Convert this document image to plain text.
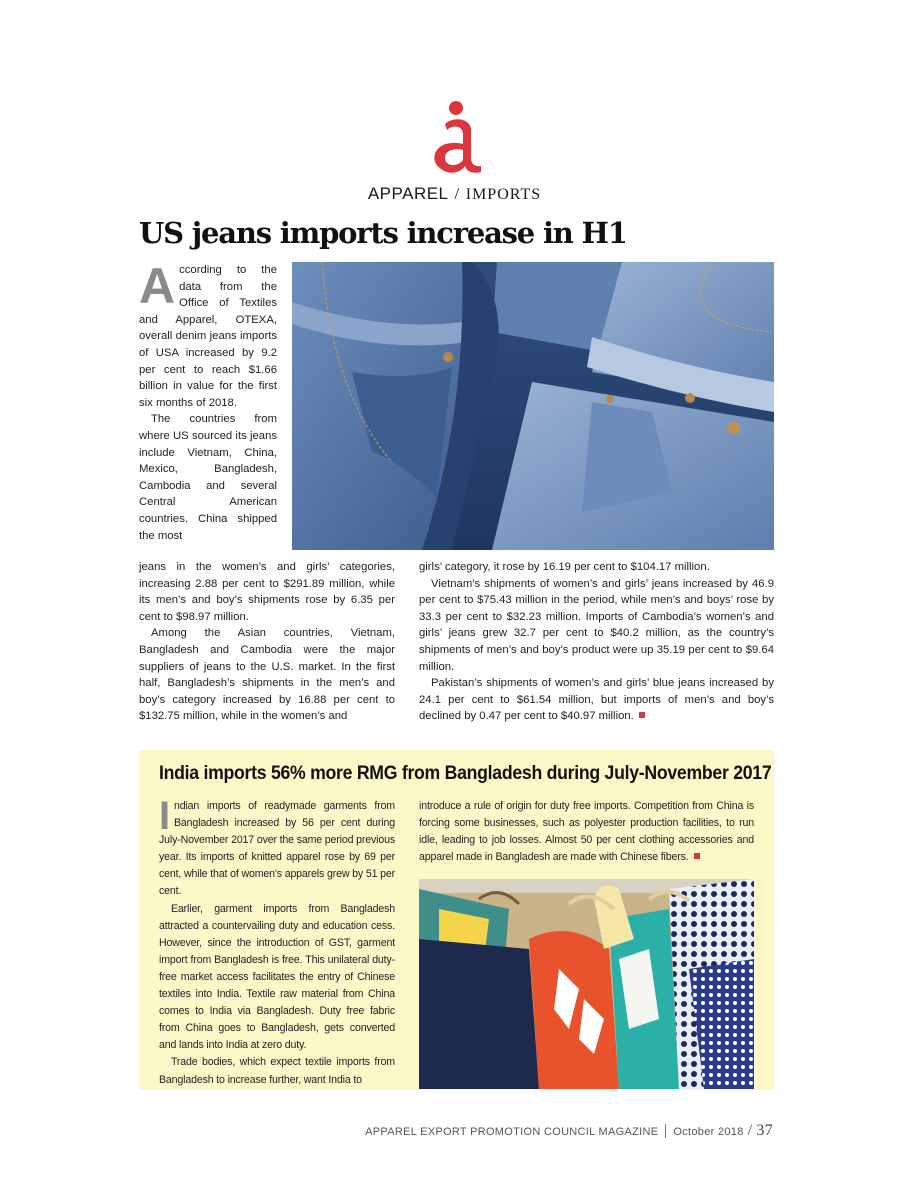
APPAREL / IMPORTS
US jeans imports increase in H1

According to the data from the Office of Textiles and Apparel, OTEXA, overall denim jeans imports of USA increased by 9.2 per cent to reach $1.66 billion in value for the first six months of 2018.

The countries from where US sourced its jeans include Vietnam, China, Mexico, Bangladesh, Cambodia and several Central American countries. China shipped the most

jeans in the women’s and girls’ categories, increasing 2.88 per cent to $291.89 million, while its men’s and boy’s shipments rose by 6.35 per cent to $98.97 million.

Among the Asian countries, Vietnam, Bangladesh and Cambodia were the major suppliers of jeans to the U.S. market. In the first half, Bangladesh’s shipments in the men’s and boy’s category increased by 16.88 per cent to $132.75 million, while in the women’s and

girls’ category, it rose by 16.19 per cent to $104.17 million.

Vietnam’s shipments of women’s and girls’ jeans increased by 46.9 per cent to $75.43 million in the period, while men’s and boys’ rose by 33.3 per cent to $32.23 million. Imports of Cambodia’s women’s and girls’ jeans grew 32.7 per cent to $40.2 million, as the country’s shipments of men’s and boy’s product were up 35.19 per cent to $9.64 million.

Pakistan’s shipments of women’s and girls’ blue jeans increased by 24.1 per cent to $61.54 million, but imports of men’s and boy’s declined by 0.47 per cent to $40.97 million.

India imports 56% more RMG from Bangladesh during July-November 2017

Indian imports of readymade garments from Bangladesh increased by 56 per cent during July-November 2017 over the same period previous year. Its imports of knitted apparel rose by 69 per cent, while that of women's apparels grew by 51 per cent.

Earlier, garment imports from Bangladesh attracted a countervailing duty and education cess. However, since the introduction of GST, garment import from Bangladesh is free. This unilateral duty-free market access facilitates the entry of Chinese textiles into India. Textile raw material from China comes to India via Bangladesh. Duty free fabric from China goes to Bangladesh, gets converted and lands into India at zero duty.

Trade bodies, which expect textile imports from Bangladesh to increase further, want India to

introduce a rule of origin for duty free imports. Competition from China is forcing some businesses, such as polyester production facilities, to run idle, leading to job losses. Almost 50 per cent clothing accessories and apparel made in Bangladesh are made with Chinese fibers.

APPAREL EXPORT PROMOTION COUNCIL MAGAZINE October 2018 / 37
